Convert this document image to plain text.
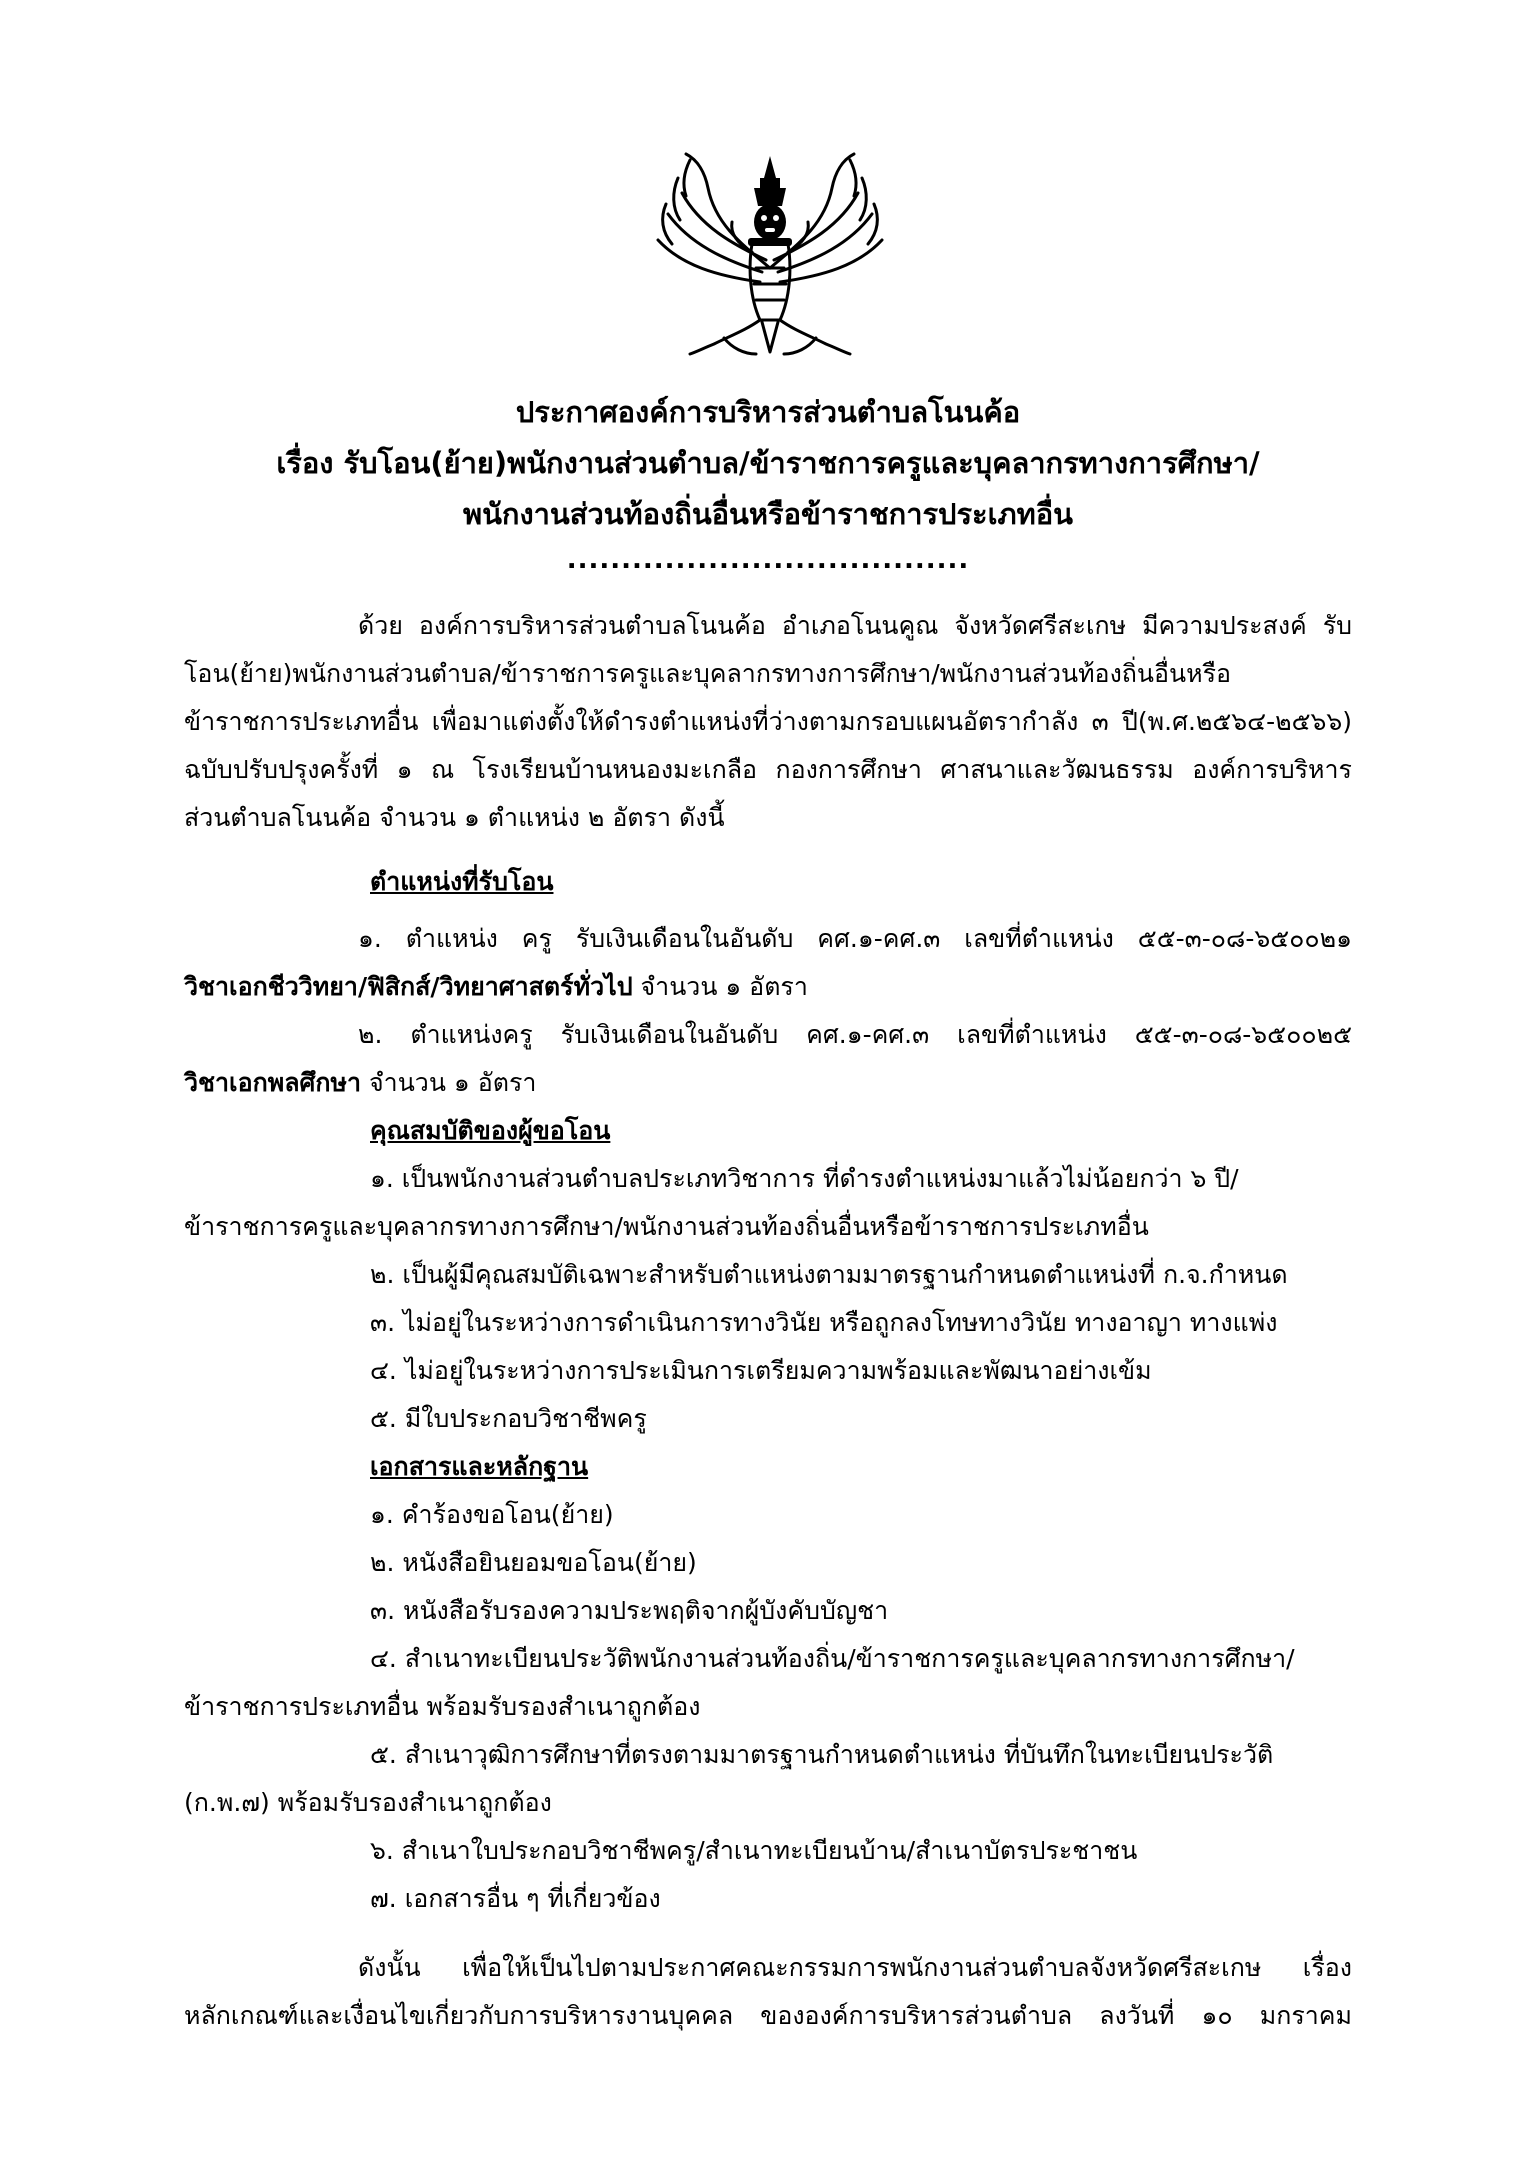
ประกาศองค์การบริหารส่วนตำบลโนนค้อ
เรื่อง รับโอน(ย้าย)พนักงานส่วนตำบล/ข้าราชการครูและบุคลากรทางการศึกษา/
พนักงานส่วนท้องถิ่นอื่นหรือข้าราชการประเภทอื่น
.....................................
ด้วย องค์การบริหารส่วนตำบลโนนค้อ อำเภอโนนคูณ จังหวัดศรีสะเกษ มีความประสงค์ รับ
โอน(ย้าย)พนักงานส่วนตำบล/ข้าราชการครูและบุคลากรทางการศึกษา/พนักงานส่วนท้องถิ่นอื่นหรือ
ข้าราชการประเภทอื่น เพื่อมาแต่งตั้งให้ดำรงตำแหน่งที่ว่างตามกรอบแผนอัตรากำลัง ๓ ปี(พ.ศ.๒๕๖๔-๒๕๖๖)
ฉบับปรับปรุงครั้งที่ ๑ ณ โรงเรียนบ้านหนองมะเกลือ กองการศึกษา ศาสนาและวัฒนธรรม องค์การบริหาร
ส่วนตำบลโนนค้อ จำนวน ๑ ตำแหน่ง ๒ อัตรา ดังนี้
ตำแหน่งที่รับโอน
๑. ตำแหน่ง ครู รับเงินเดือนในอันดับ คศ.๑-คศ.๓ เลขที่ตำแหน่ง ๕๕-๓-๐๘-๖๕๐๐๒๑
วิชาเอกชีววิทยา/ฟิสิกส์/วิทยาศาสตร์ทั่วไป จำนวน ๑ อัตรา
๒. ตำแหน่งครู รับเงินเดือนในอันดับ คศ.๑-คศ.๓ เลขที่ตำแหน่ง ๕๕-๓-๐๘-๖๕๐๐๒๕
วิชาเอกพลศึกษา จำนวน ๑ อัตรา
คุณสมบัติของผู้ขอโอน
๑. เป็นพนักงานส่วนตำบลประเภทวิชาการ ที่ดำรงตำแหน่งมาแล้วไม่น้อยกว่า ๖ ปี/
ข้าราชการครูและบุคลากรทางการศึกษา/พนักงานส่วนท้องถิ่นอื่นหรือข้าราชการประเภทอื่น
๒. เป็นผู้มีคุณสมบัติเฉพาะสำหรับตำแหน่งตามมาตรฐานกำหนดตำแหน่งที่ ก.จ.กำหนด
๓. ไม่อยู่ในระหว่างการดำเนินการทางวินัย หรือถูกลงโทษทางวินัย ทางอาญา ทางแพ่ง
๔. ไม่อยู่ในระหว่างการประเมินการเตรียมความพร้อมและพัฒนาอย่างเข้ม
๕. มีใบประกอบวิชาชีพครู
เอกสารและหลักฐาน
๑. คำร้องขอโอน(ย้าย)
๒. หนังสือยินยอมขอโอน(ย้าย)
๓. หนังสือรับรองความประพฤติจากผู้บังคับบัญชา
๔. สำเนาทะเบียนประวัติพนักงานส่วนท้องถิ่น/ข้าราชการครูและบุคลากรทางการศึกษา/
ข้าราชการประเภทอื่น พร้อมรับรองสำเนาถูกต้อง
๕. สำเนาวุฒิการศึกษาที่ตรงตามมาตรฐานกำหนดตำแหน่ง ที่บันทึกในทะเบียนประวัติ
(ก.พ.๗) พร้อมรับรองสำเนาถูกต้อง
๖. สำเนาใบประกอบวิชาชีพครู/สำเนาทะเบียนบ้าน/สำเนาบัตรประชาชน
๗. เอกสารอื่น ๆ ที่เกี่ยวข้อง
ดังนั้น เพื่อให้เป็นไปตามประกาศคณะกรรมการพนักงานส่วนตำบลจังหวัดศรีสะเกษ เรื่อง
หลักเกณฑ์และเงื่อนไขเกี่ยวกับการบริหารงานบุคคล ขององค์การบริหารส่วนตำบล ลงวันที่ ๑๐ มกราคม
